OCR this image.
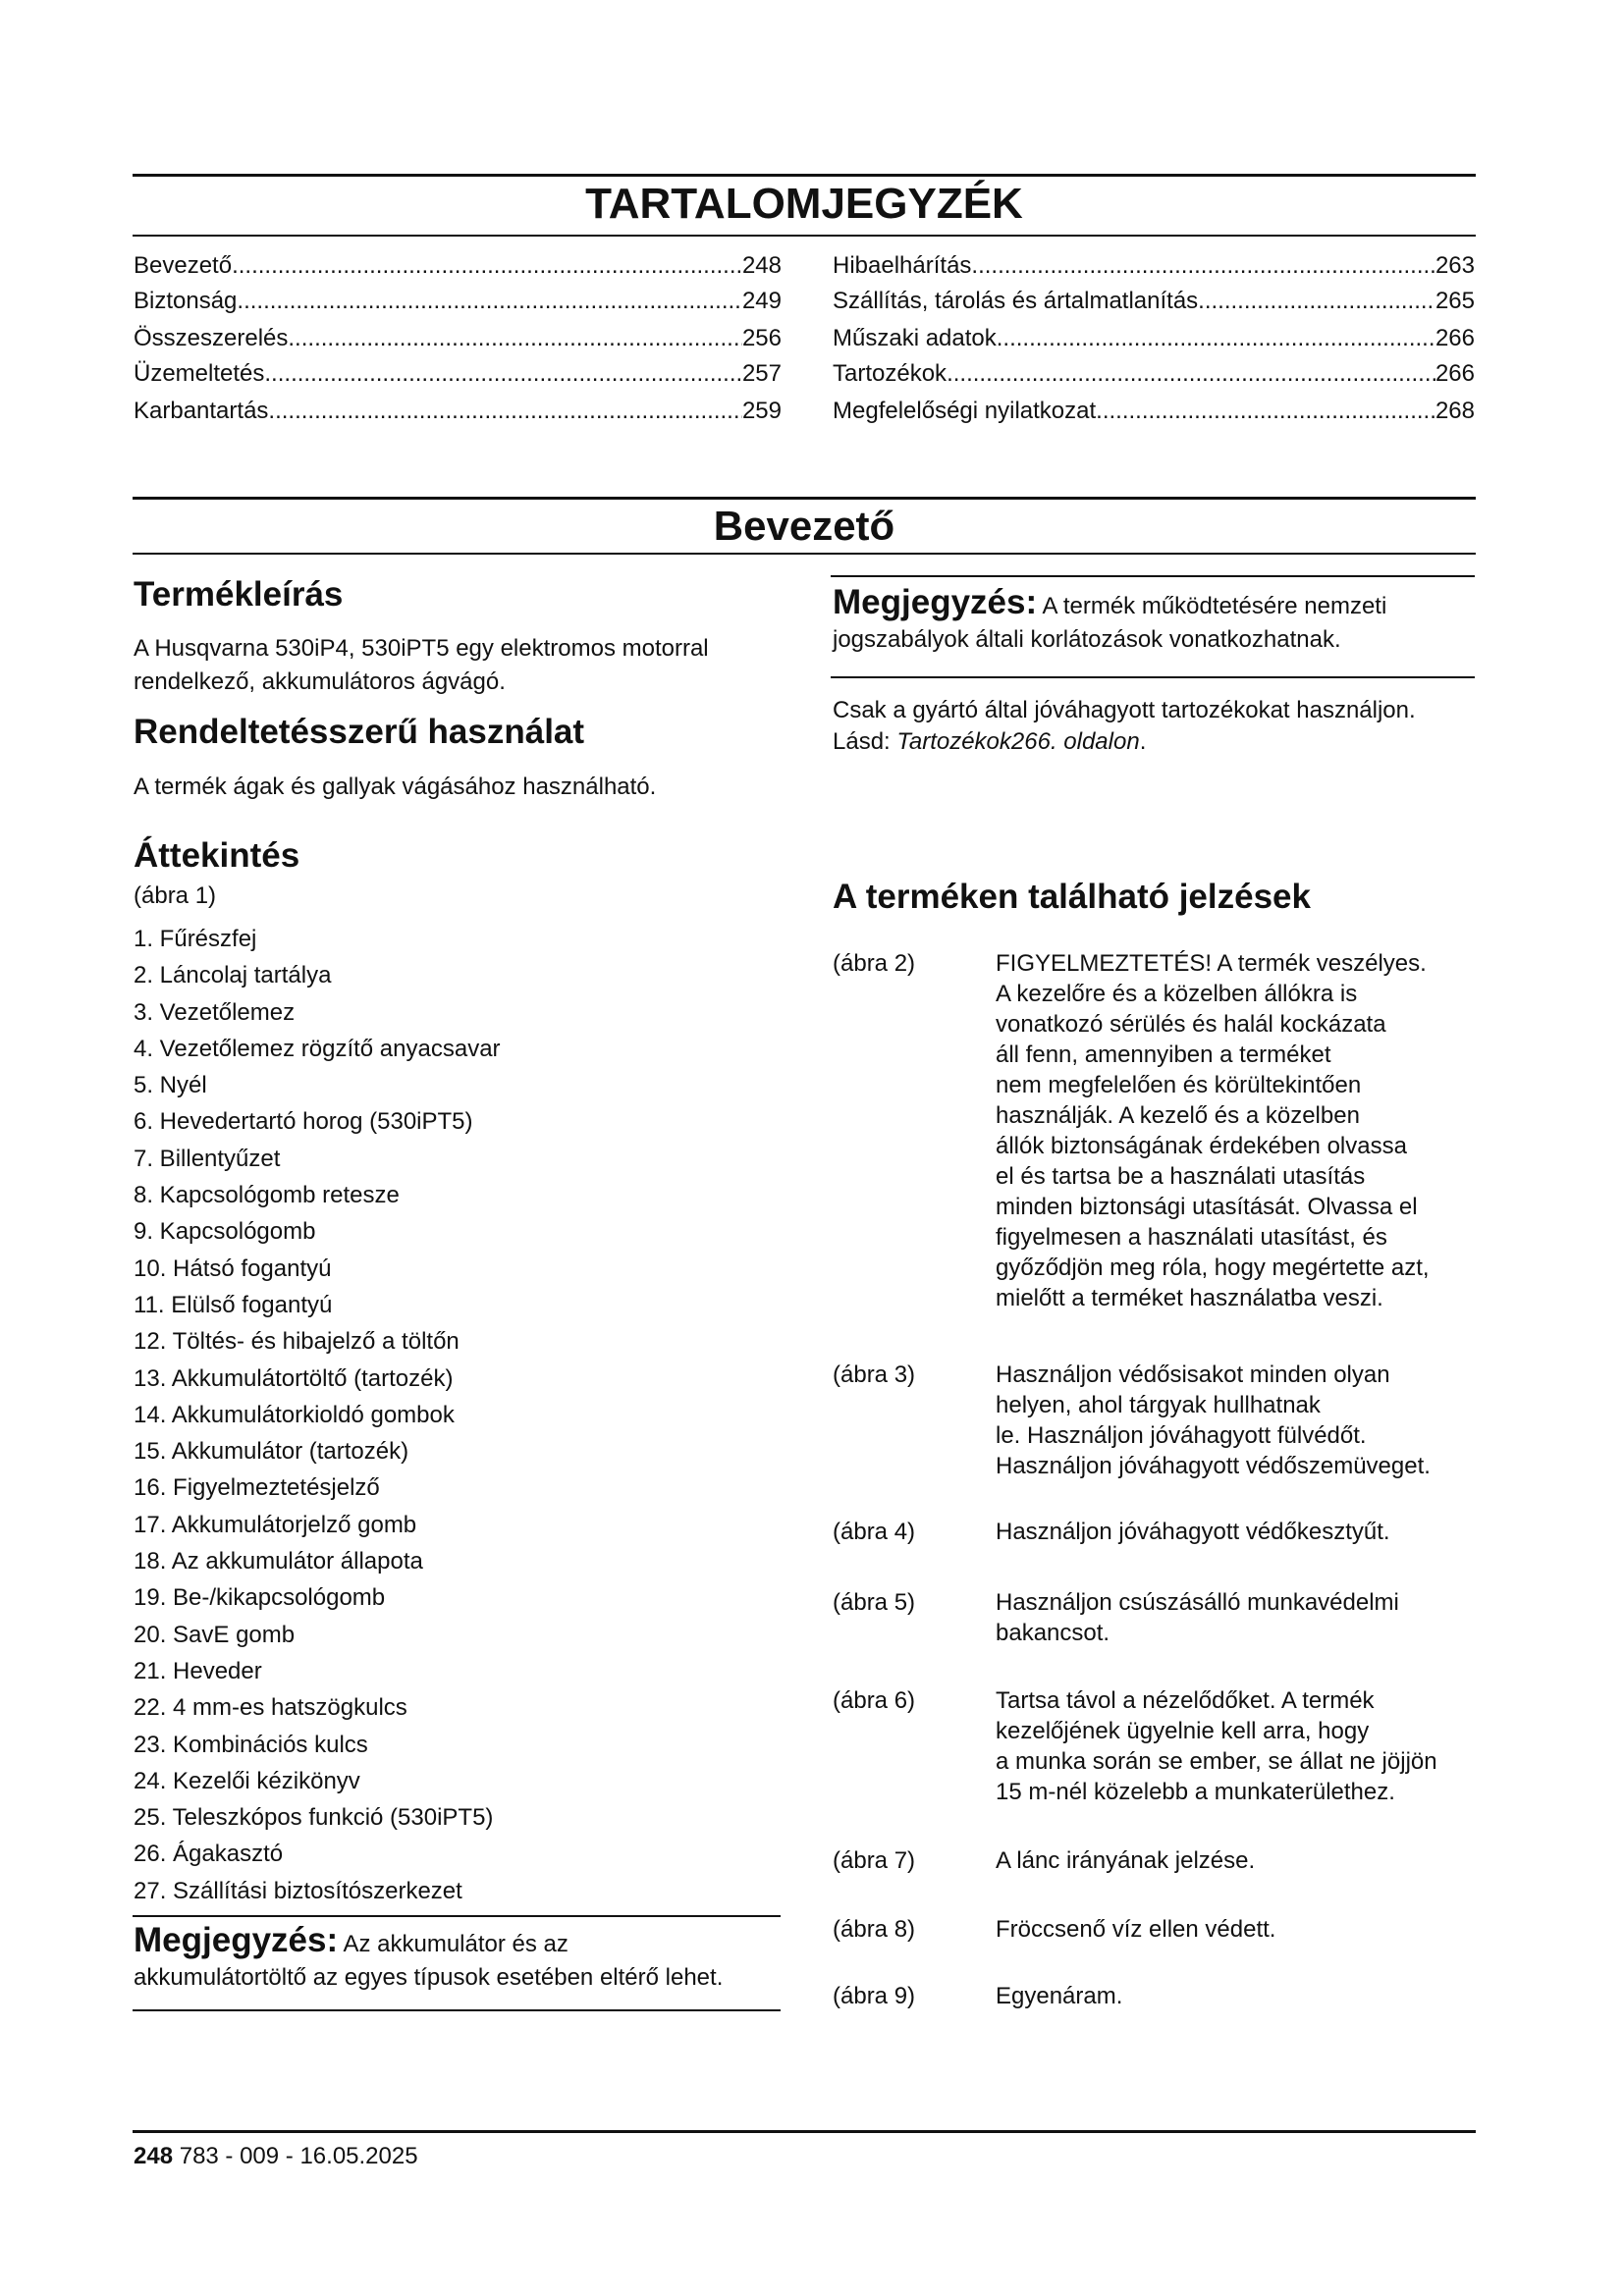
TARTALOMJEGYZÉK
Bevezető .....	248
Biztonság .....	249
Összeszerelés .....	256
Üzemeltetés .....	257
Karbantartás .....	259
Hibaelhárítás .....	263
Szállítás, tárolás és ártalmatlanítás .....	265
Műszaki adatok .....	266
Tartozékok .....	266
Megfelelőségi nyilatkozat .....	268
Bevezető
Termékleírás

A Husqvarna 530iP4, 530iPT5 egy elektromos motorral

rendelkező, akkumulátoros ágvágó.

Rendeltetésszerű használat

A termék ágak és gallyak vágásához használható.

Áttekintés

(ábra 1)

1. Fűrészfej
2. Láncolaj tartálya
3. Vezetőlemez
4. Vezetőlemez rögzítő anyacsavar
5. Nyél
6. Hevedertartó horog (530iPT5)
7. Billentyűzet
8. Kapcsológomb retesze
9. Kapcsológomb
10. Hátsó fogantyú
11. Elülső fogantyú
12. Töltés- és hibajelző a töltőn
13. Akkumulátortöltő (tartozék)
14. Akkumulátorkioldó gombok
15. Akkumulátor (tartozék)
16. Figyelmeztetésjelző
17. Akkumulátorjelző gomb
18. Az akkumulátor állapota
19. Be-/kikapcsológomb
20. SavE gomb
21. Heveder
22. 4 mm-es hatszögkulcs
23. Kombinációs kulcs
24. Kezelői kézikönyv
25. Teleszkópos funkció (530iPT5)
26. Ágakasztó
27. Szállítási biztosítószerkezet
Megjegyzés: Az akkumulátor és az
akkumulátortöltő az egyes típusok esetében eltérő lehet.
Megjegyzés: A termék működtetésére nemzeti
jogszabályok általi korlátozások vonatkozhatnak.

Csak a gyártó által jóváhagyott tartozékokat használjon.

Lásd: Tartozékok266. oldalon.

A terméken található jelzések
(ábra 2)	FIGYELMEZTETÉS! A termék veszélyes.
A kezelőre és a közelben állókra is
vonatkozó sérülés és halál kockázata
áll fenn, amennyiben a terméket
nem megfelelően és körültekintően
használják. A kezelő és a közelben
állók biztonságának érdekében olvassa
el és tartsa be a használati utasítás
minden biztonsági utasítását. Olvassa el
figyelmesen a használati utasítást, és
győződjön meg róla, hogy megértette azt,
mielőtt a terméket használatba veszi.
(ábra 3)	Használjon védősisakot minden olyan
helyen, ahol tárgyak hullhatnak
le. Használjon jóváhagyott fülvédőt.
Használjon jóváhagyott védőszemüveget.
(ábra 4)	Használjon jóváhagyott védőkesztyűt.
(ábra 5)	Használjon csúszásálló munkavédelmi
bakancsot.
(ábra 6)	Tartsa távol a nézelődőket. A termék
kezelőjének ügyelnie kell arra, hogy
a munka során se ember, se állat ne jöjjön
15 m-nél közelebb a munkaterülethez.
(ábra 7)	A lánc irányának jelzése.
(ábra 8)	Fröccsenő víz ellen védett.
(ábra 9)	Egyenáram.
248 783 - 009 - 16.05.2025
